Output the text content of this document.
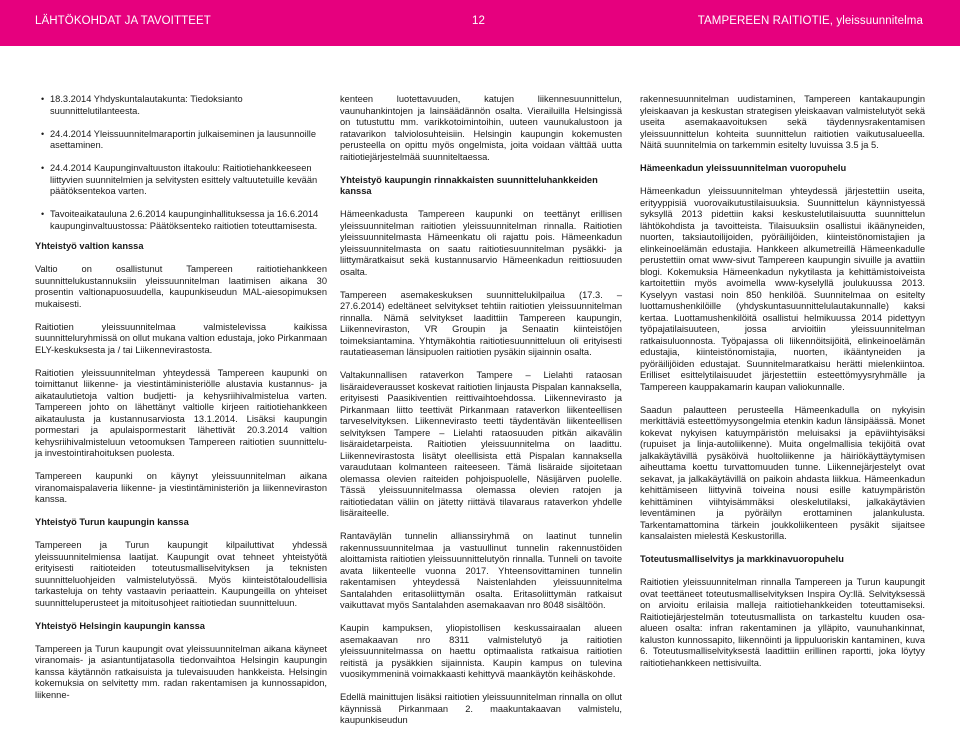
LÄHTÖKOHDAT JA TAVOITTEET	12	TAMPEREEN RAITIOTIE, yleissuunnitelma
• 18.3.2014 Yhdyskuntalautakunta: Tiedoksianto suunnittelutilanteesta.
• 24.4.2014 Yleissuunnitelmaraportin julkaiseminen ja lausunnoille asettaminen.
• 24.4.2014 Kaupunginvaltuuston iltakoulu: Raitiotiehankkeeseen liittyvien suunnitelmien ja selvitysten esittely valtuutetuille kevään päätöksentekoa varten.
• Tavoiteaikatauluna 2.6.2014 kaupunginhallituksessa ja 16.6.2014 kaupunginvaltuustossa: Päätöksenteko raitiotien toteuttamisesta.

Yhteistyö valtion kanssa

Valtio on osallistunut Tampereen raitiotiehankkeen suunnittelukustannuksiin yleissuunnitelman laatimisen aikana 30 prosentin valtionapuosuudella, kaupunkiseudun MAL-aiesopimuksen mukaisesti.

Raitiotien yleissuunnitelmaa valmistelevissa kaikissa suunnitteluryhmissä on ollut mukana valtion edustaja, joko Pirkanmaan ELY-keskuksesta ja / tai Liikennevirastosta.

Raitiotien yleissuunnitelman yhteydessä Tampereen kaupunki on toimittanut liikenne- ja viestintäministeriölle alustavia kustannus- ja aikataulutietoja valtion budjetti- ja kehysriihivalmistelua varten. Tampereen johto on lähettänyt valtiolle kirjeen raitiotiehankkeen aikataulusta ja kustannusarviosta 13.1.2014. Lisäksi kaupungin pormestari ja apulaispormestarit lähettivät 20.3.2014 valtion kehysriihivalmisteluun vetoomuksen Tampereen raitiotien suunnittelu- ja investointirahoituksen puolesta.

Tampereen kaupunki on käynyt yleissuunnitelman aikana viranomaispalaveria liikenne- ja viestintäministeriön ja liikenneviraston kanssa.

Yhteistyö Turun kaupungin kanssa

Tampereen ja Turun kaupungit kilpailuttivat yhdessä yleissuunnitelmiensa laatijat. Kaupungit ovat tehneet yhteistyötä erityisesti raitioteiden toteutusmalliselvityksen ja teknisten suunnitteluohjeiden valmistelutyössä. Myös kiinteistötaloudellisia tarkasteluja on tehty vastaavin periaattein. Kaupungeilla on yhteiset suunnitteluperusteet ja mitoitusohjeet raitiotiedan suunnitteluun.

Yhteistyö Helsingin kaupungin kanssa

Tampereen ja Turun kaupungit ovat yleissuunnitelman aikana käyneet viranomais- ja asiantuntijatasolla tiedonvaihtoa Helsingin kaupungin kanssa käytännön ratkaisuista ja tulevaisuuden hankkeista. Helsingin kokemuksia on selvitetty mm. radan rakentamisen ja kunnossapidon, liikenne-

kenteen luotettavuuden, katujen liikennesuunnittelun, vaunuhankintojen ja lainsäädännön osalta. Vierailuilla Helsingissä on tutustuttu mm. varikkotoimintoihin, uuteen vaunukalustoon ja ratavarikon talviolosuhteisiin. Helsingin kaupungin kokemusten perusteella on opittu myös ongelmista, joita voidaan välttää uutta raitiotiejärjestelmää suunniteltaessa.

Yhteistyö kaupungin rinnakkaisten suunnitteluhankkeiden kanssa

Hämeenkadusta Tampereen kaupunki on teettänyt erillisen yleissuunnitelman raitiotien yleissuunnitelman rinnalla. Raitiotien yleissuunnitelmasta Hämeenkatu oli rajattu pois. Hämeenkadun yleissuunnitelmasta on saatu raitiotiesuunnitelman pysäkki- ja liittymäratkaisut sekä kustannusarvio Hämeenkadun reittiosuuden osalta.

Tampereen asemakeskuksen suunnittelukilpailua (17.3. – 27.6.2014) edeltäneet selvitykset tehtiin raitiotien yleissuunnitelman rinnalla. Nämä selvitykset laadittiin Tampereen kaupungin, Liikenneviraston, VR Groupin ja Senaatin kiinteistöjen toimeksiantamina. Yhtymäkohtia raitiotiesuunnitteluun oli erityisesti rautatieaseman länsipuolen raitiotien pysäkin sijainnin osalta.

Valtakunnallisen rataverkon Tampere – Lielahti rataosan lisäraideverausset koskevat raitiotien linjausta Pispalan kannaksella, erityisesti Paasikiventien reittivaihtoehdossa. Liikennevirasto ja Pirkanmaan liitto teettivät Pirkanmaan rataverkon liikenteellisen tarveselvityksen. Liikennevirasto teetti täydentävän liikenteellisen selvityksen Tampere – Lielahti rataosuuden pitkän aikavälin lisäraidetarpeista. Raitiotien yleissuunnitelma on laadittu. Liikennevirastosta lisätyt oleellisista että Pispalan kannaksella varaudutaan kolmanteen raiteeseen. Tämä lisäraide sijoitetaan olemassa olevien raiteiden pohjoispuolelle, Näsijärven puolelle. Tässä yleissuunnitelmassa olemassa olevien ratojen ja raitiotiedatan väliin on jätetty riittävä tilavaraus rataverkon yhdelle lisäraiteelle.

Rantaväylän tunnelin allianssiryhmä on laatinut tunnelin rakennussuunnitelmaa ja vastuullinut tunnelin rakennustöiden aloittamista raitiotien yleissuunnittelutyön rinnalla. Tunneli on tavoite avata liikenteelle vuonna 2017. Yhteensovittaminen tunnelin rakentamisen yhteydessä Naistenlahden yleissuunnitelma Santalahden eritasoliittymän osalta. Eritasoliittymän ratkaisut vaikuttavat myös Santalahden asemakaavan nro 8048 sisältöön.

Kaupin kampuksen, yliopistollisen keskussairaalan alueen asemakaavan nro 8311 valmistelutyö ja raitiotien yleissuunnitelmassa on haettu optimaalista ratkaisua raitiotien reitistä ja pysäkkien sijainnista. Kaupin kampus on tulevina vuosikymmeninä voimakkaasti kehittyvä maankäytön keihäskohde.

Edellä mainittujen lisäksi raitiotien yleissuunnitelman rinnalla on ollut käynnissä Pirkanmaan 2. maakuntakaavan valmistelu, kaupunkiseudun

rakennesuunnitelman uudistaminen, Tampereen kantakaupungin yleiskaavan ja keskustan strategisen yleiskaavan valmistelutyöt sekä useita asemakaavoituksen sekä täydennysrakentamisen yleissuunnittelun kohteita suunnittelun raitiotien vaikutusalueella. Näitä suunnitelmia on tarkemmin esitelty luvuissa 3.5 ja 5.

Hämeenkadun yleissuunnitelman vuoropuhelu

Hämeenkadun yleissuunnitelman yhteydessä järjestettiin useita, erityyppisiä vuorovaikutustilaisuuksia. Suunnittelun käynnistyessä syksyllä 2013 pidettiin kaksi keskustelutilaisuutta suunnittelun lähtökohdista ja tavoitteista. Tilaisuuksiin osallistui ikäänyneiden, nuorten, taksiautoilijoiden, pyöräilijöiden, kiinteistönomistajien ja elinkeinoelämän edustajia. Hankkeen alkumetreillä Hämeenkadulle perustettiin omat www-sivut Tampereen kaupungin sivuille ja avattiin blogi. Kokemuksia Hämeenkadun nykytilasta ja kehittämistoiveista kartoitettiin myös avoimella www-kyselyllä joulukuussa 2013. Kyselyyn vastasi noin 850 henkilöä. Suunnitelmaa on esitelty luottamushenkilöille (yhdyskuntasuunnittelulautakunnalle) kaksi kertaa. Luottamushenkilöitä osallistui helmikuussa 2014 pidettyyn työpajatilaisuuteen, jossa arvioitiin yleissuunnitelman ratkaisuluonnosta. Työpajassa oli liikennöitsijöitä, elinkeinoelämän edustajia, kiinteistönomistajia, nuorten, ikääntyneiden ja pyöräilijöiden edustajat. Suunnitelmaratkaisu herätti mielenkiintoa. Erilliset esittelytilaisuudet järjestettiin esteettömyysryhmälle ja Tampereen kauppakamarin kaupan valiokunnalle.

Saadun palautteen perusteella Hämeenkadulla on nykyisin merkittäviä esteettömyysongelmia etenkin kadun länsipäässä. Monet kokevat nykyisen katuympäristön meluisaksi ja epäviihtyisäksi (rupuiset ja linja-autoliikenne). Muita ongelmallisia tekijöitä ovat jalkakäytävillä pysäköivä huoltoliikenne ja häiriökäyttäytymisen aiheuttama koettu turvattomuuden tunne. Liikennejärjestelyt ovat sekavat, ja jalkakäytävillä on paikoin ahdasta liikkua. Hämeenkadun kehittämiseen liittyvinä toiveina nousi esille katuympäristön kehittäminen viihtyisämmäksi oleskelutilaksi, jalkakäytävien leventäminen ja pyöräilyn erottaminen jalankulusta. Tarkentamattomina tärkein joukkoliikenteen pysäkit sijaitsee kansalaisten mielestä Keskustorilla.

Toteutusmalliselvitys ja markkinavuoropuhelu

Raitiotien yleissuunnitelman rinnalla Tampereen ja Turun kaupungit ovat teettäneet toteutusmalliselvityksen Inspira Oy:llä. Selvityksessä on arvioitu erilaisia malleja raitiotiehankkeiden toteuttamiseksi. Raitiotiejärjestelmän toteutusmallista on tarkasteltu kuuden osa-alueen osalta: infran rakentaminen ja ylläpito, vaunuhankinnat, kaluston kunnossapito, liikennöinti ja lippuluoriskin kantaminen, kuva 6. Toteutusmalliselvityksestä laadittiin erillinen raportti, joka löytyy raitiotiehankkeen nettisivuilta.
